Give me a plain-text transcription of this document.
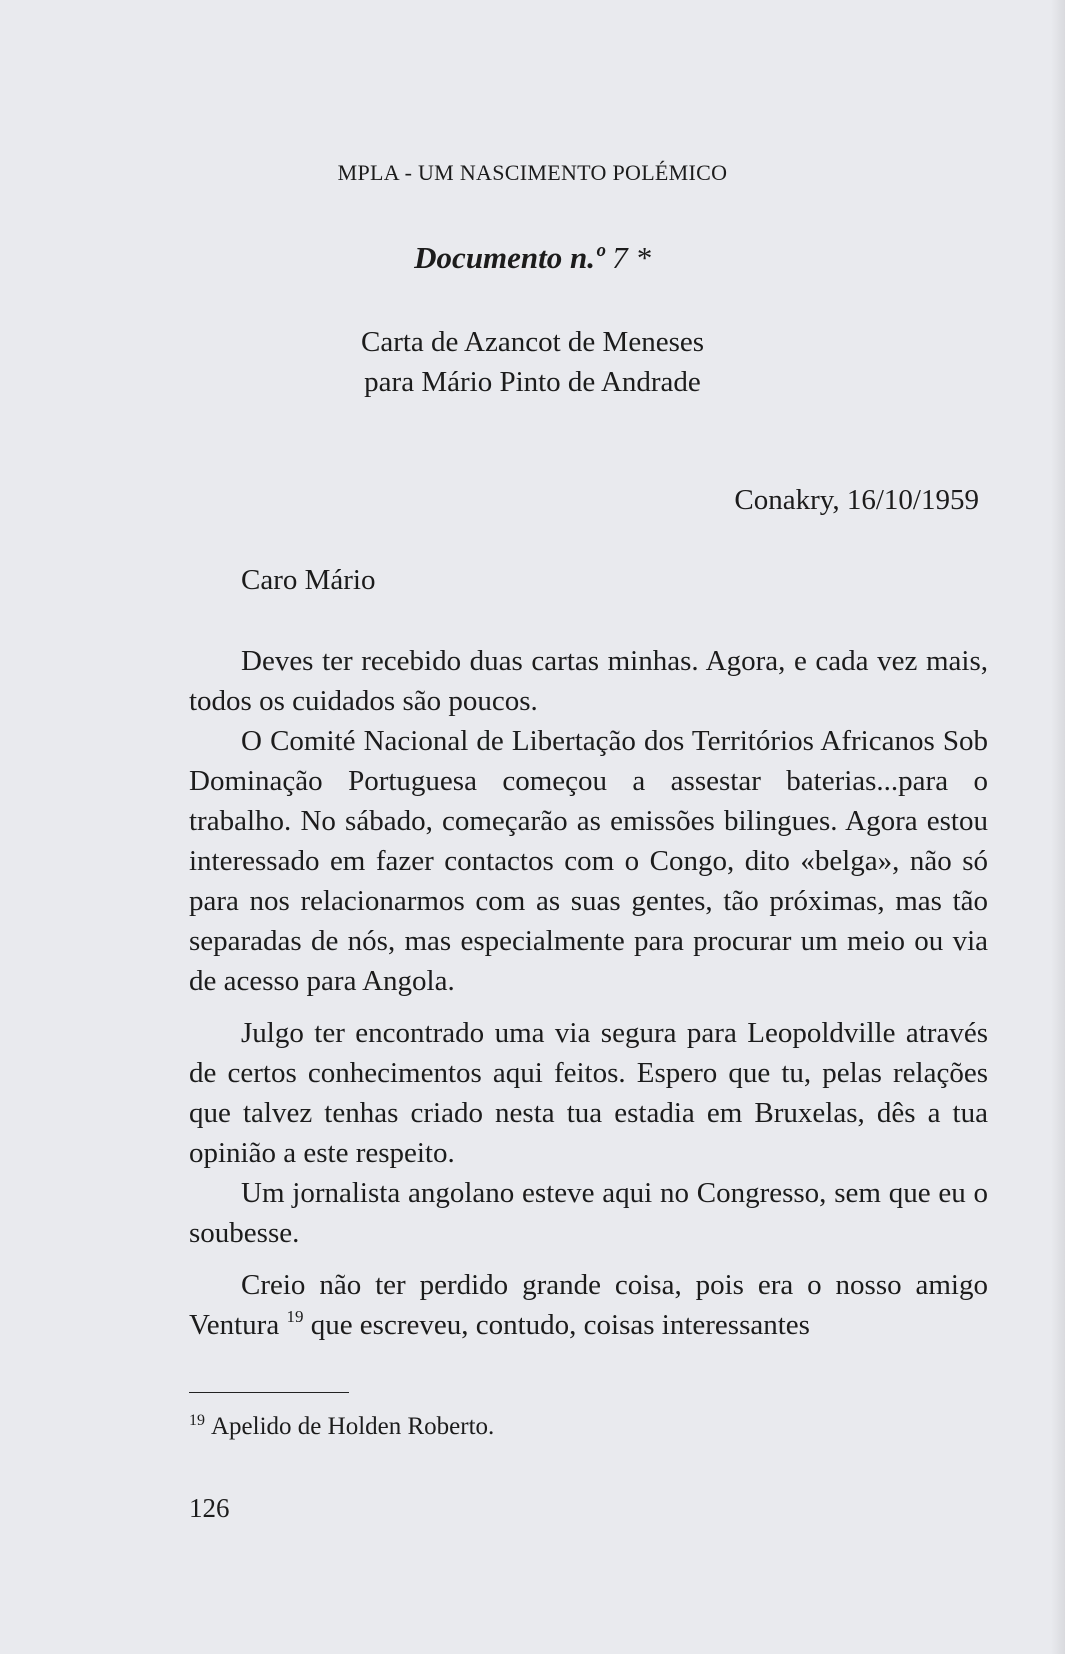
MPLA - UM NASCIMENTO POLÉMICO
Documento n.º 7 *
Carta de Azancot de Meneses
para Mário Pinto de Andrade
Conakry, 16/10/1959
Caro Mário

Deves ter recebido duas cartas minhas. Agora, e cada vez mais, todos os cuidados são poucos.

O Comité Nacional de Libertação dos Territórios Africanos Sob Dominação Portuguesa começou a assestar baterias...para o trabalho. No sábado, começarão as emissões bilingues. Agora estou interessado em fazer contactos com o Congo, dito «belga», não só para nos relacionarmos com as suas gentes, tão próximas, mas tão separadas de nós, mas especialmente para procurar um meio ou via de acesso para Angola.

Julgo ter encontrado uma via segura para Leopoldville através de certos conhecimentos aqui feitos. Espero que tu, pelas relações que talvez tenhas criado nesta tua estadia em Bruxelas, dês a tua opinião a este respeito.

Um jornalista angolano esteve aqui no Congresso, sem que eu o soubesse.

Creio não ter perdido grande coisa, pois era o nosso amigo Ventura $^{19}$ que escreveu, contudo, coisas interessantes

$^{19}$ Apelido de Holden Roberto.
126
